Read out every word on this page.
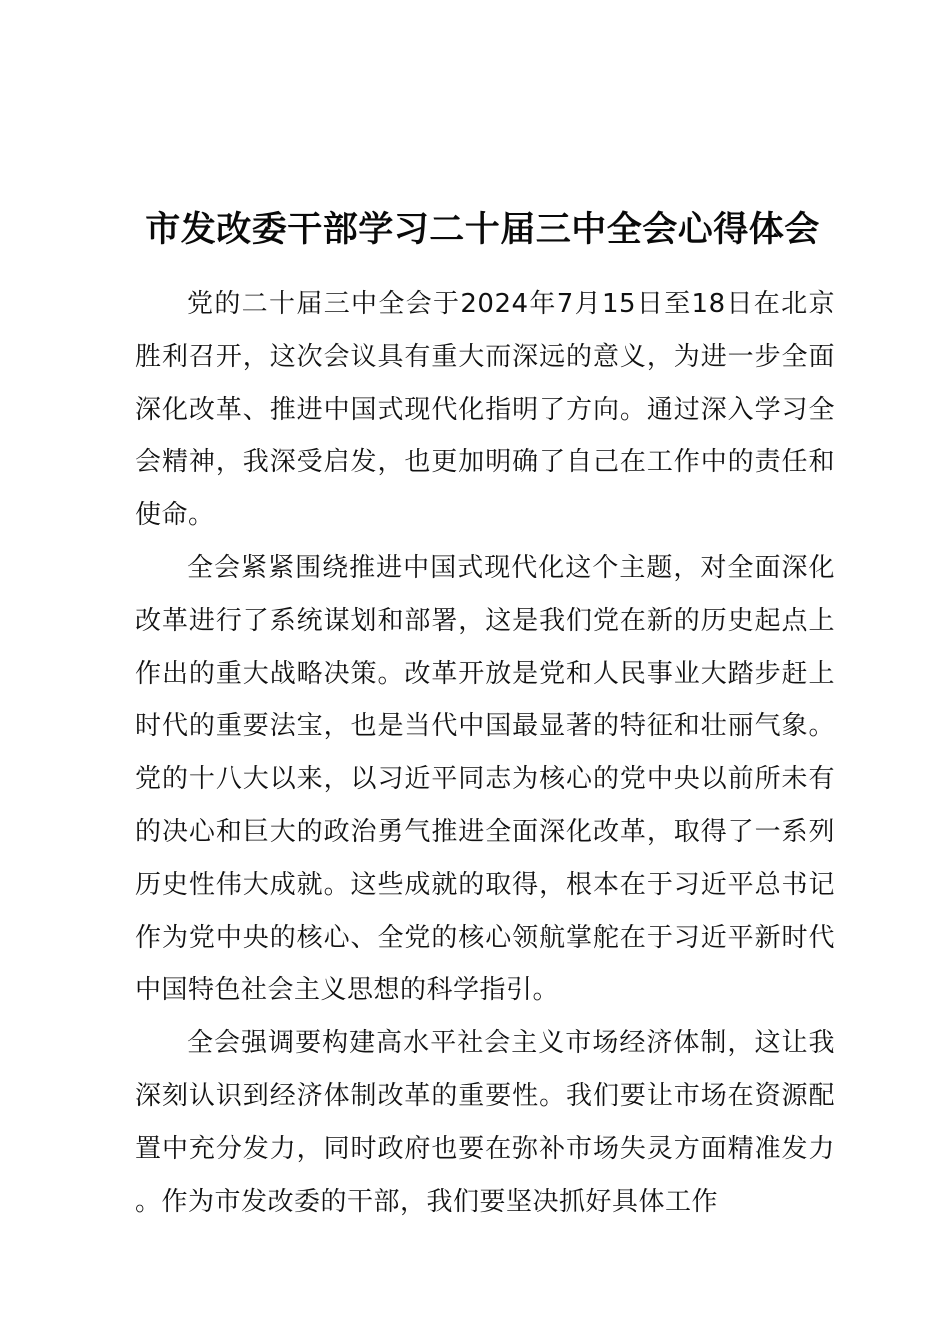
市发改委干部学习二十届三中全会心得体会

党的二十届三中全会于2024年7月15日至18日在北京胜利召开，这次会议具有重大而深远的意义，为进一步全面深化改革、推进中国式现代化指明了方向。通过深入学习全会精神，我深受启发，也更加明确了自己在工作中的责任和使命。

全会紧紧围绕推进中国式现代化这个主题，对全面深化改革进行了系统谋划和部署，这是我们党在新的历史起点上作出的重大战略决策。改革开放是党和人民事业大踏步赶上时代的重要法宝，也是当代中国最显著的特征和壮丽气象。党的十八大以来，以习近平同志为核心的党中央以前所未有的决心和巨大的政治勇气推进全面深化改革，取得了一系列历史性伟大成就。这些成就的取得，根本在于习近平总书记作为党中央的核心、全党的核心领航掌舵在于习近平新时代中国特色社会主义思想的科学指引。

全会强调要构建高水平社会主义市场经济体制，这让我深刻认识到经济体制改革的重要性。我们要让市场在资源配置中充分发力，同时政府也要在弥补市场失灵方面精准发力。作为市发改委的干部，我们要坚决抓好具体工作
